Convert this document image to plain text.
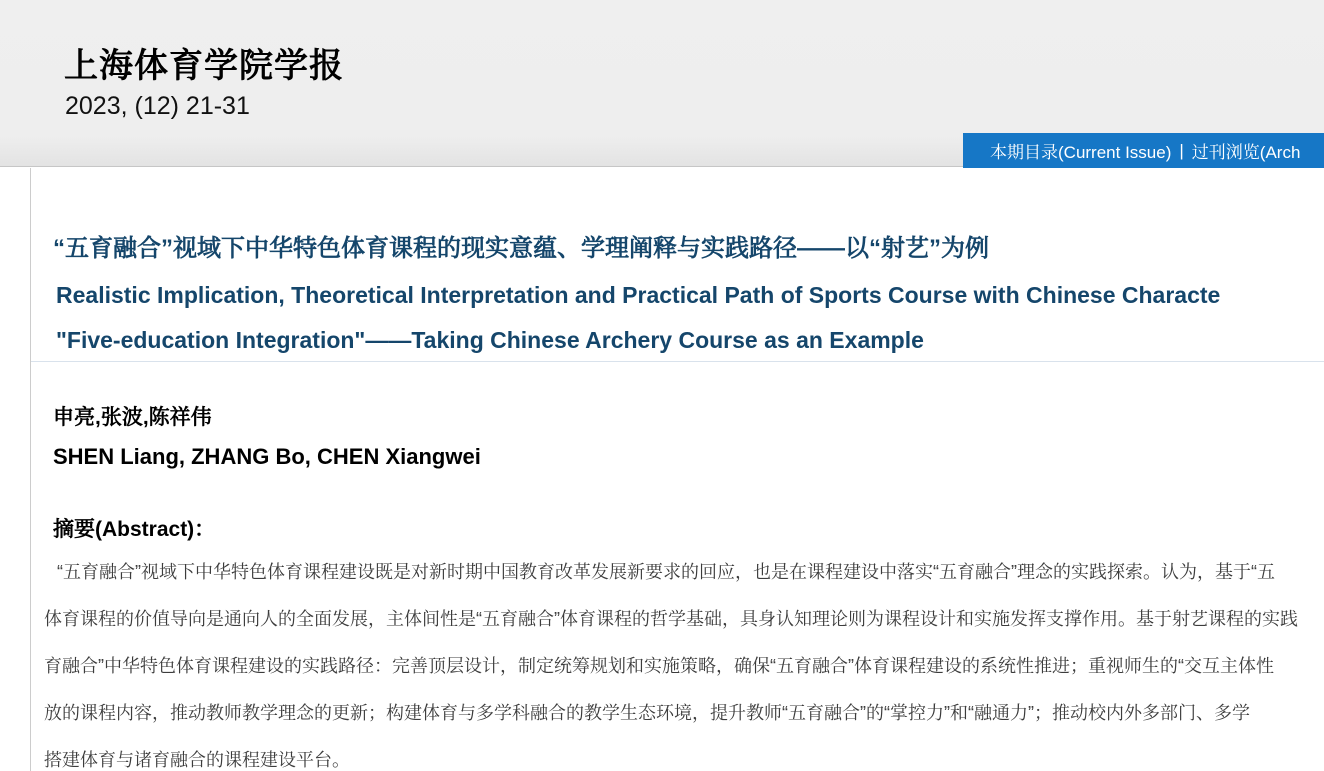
上海体育学院学报
2023, (12) 21-31
本期目录(Current Issue) | 过刊浏览(Arch
“五育融合”视域下中华特色体育课程的现实意蕴、学理阐释与实践路径——以“射艺”为例
Realistic Implication, Theoretical Interpretation and Practical Path of Sports Course with Chinese Characte
"Five-education Integration"——Taking Chinese Archery Course as an Example
申亮,张波,陈祥伟
SHEN Liang, ZHANG Bo, CHEN Xiangwei
摘要(Abstract)：
“五育融合”视域下中华特色体育课程建设既是对新时期中国教育改革发展新要求的回应，也是在课程建设中落实“五育融合”理念的实践探索。认为，基于“五
体育课程的价值导向是通向人的全面发展，主体间性是“五育融合”体育课程的哲学基础，具身认知理论则为课程设计和实施发挥支撑作用。基于射艺课程的实践
育融合”中华特色体育课程建设的实践路径：完善顶层设计，制定统筹规划和实施策略，确保“五育融合”体育课程建设的系统性推进；重视师生的“交互主体性
放的课程内容，推动教师教学理念的更新；构建体育与多学科融合的教学生态环境，提升教师“五育融合”的“掌控力”和“融通力”；推动校内外多部门、多学
搭建体育与诸育融合的课程建设平台。
